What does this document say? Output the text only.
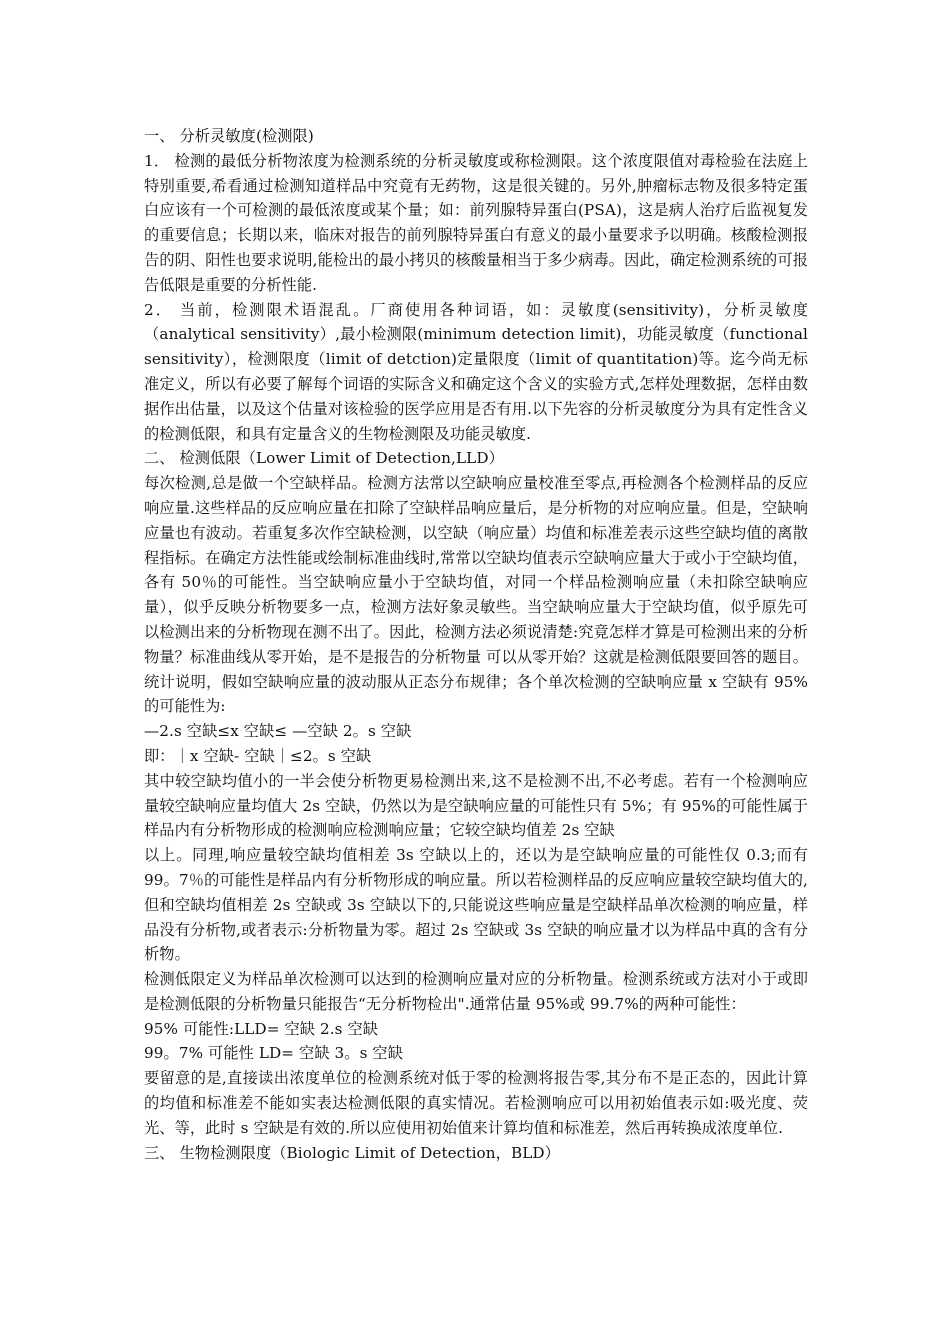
一、 分析灵敏度(检测限)

1． 检测的最低分析物浓度为检测系统的分析灵敏度或称检测限。这个浓度限值对毒检验在法庭上特别重要,希看通过检测知道样品中究竟有无药物，这是很关键的。另外,肿瘤标志物及很多特定蛋白应该有一个可检测的最低浓度或某个量；如：前列腺特异蛋白(PSA)，这是病人治疗后监视复发的重要信息；长期以来，临床对报告的前列腺特异蛋白有意义的最小量要求予以明确。核酸检测报告的阴、阳性也要求说明,能检出的最小拷贝的核酸量相当于多少病毒。因此，确定检测系统的可报告低限是重要的分析性能.

2． 当前，检测限术语混乱。厂商使用各种词语，如：灵敏度(sensitivity)，分析灵敏度（analytical sensitivity）,最小检测限(minimum detection limit)，功能灵敏度（functional sensitivity），检测限度（limit of detction)定量限度（limit of quantitation)等。迄今尚无标准定义，所以有必要了解每个词语的实际含义和确定这个含义的实验方式,怎样处理数据，怎样由数据作出估量，以及这个估量对该检验的医学应用是否有用.以下先容的分析灵敏度分为具有定性含义的检测低限，和具有定量含义的生物检测限及功能灵敏度.

二、 检测低限（Lower Limit of Detection,LLD）

每次检测,总是做一个空缺样品。检测方法常以空缺响应量校准至零点,再检测各个检测样品的反应响应量.这些样品的反应响应量在扣除了空缺样品响应量后，是分析物的对应响应量。但是，空缺响应量也有波动。若重复多次作空缺检测，以空缺（响应量）均值和标准差表示这些空缺均值的离散程指标。在确定方法性能或绘制标准曲线时,常常以空缺均值表示空缺响应量大于或小于空缺均值，各有 50％的可能性。当空缺响应量小于空缺均值，对同一个样品检测响应量（未扣除空缺响应量），似乎反映分析物要多一点，检测方法好象灵敏些。当空缺响应量大于空缺均值，似乎原先可以检测出来的分析物现在测不出了。因此，检测方法必须说清楚:究竟怎样才算是可检测出来的分析物量？标准曲线从零开始，是不是报告的分析物量 可以从零开始？这就是检测低限要回答的题目。统计说明，假如空缺响应量的波动服从正态分布规律；各个单次检测的空缺响应量 x 空缺有 95%的可能性为:

—2.s 空缺≤x 空缺≤ —空缺 2。s 空缺

即：｜x 空缺- 空缺｜≤2。s 空缺

其中较空缺均值小的一半会使分析物更易检测出来,这不是检测不出,不必考虑。若有一个检测响应量较空缺响应量均值大 2s 空缺，仍然以为是空缺响应量的可能性只有 5%；有 95%的可能性属于样品内有分析物形成的检测响应检测响应量；它较空缺均值差 2s 空缺

以上。同理,响应量较空缺均值相差 3s 空缺以上的，还以为是空缺响应量的可能性仅 0.3;而有 99。7％的可能性是样品内有分析物形成的响应量。所以若检测样品的反应响应量较空缺均值大的,但和空缺均值相差 2s 空缺或 3s 空缺以下的,只能说这些响应量是空缺样品单次检测的响应量，样品没有分析物,或者表示:分析物量为零。超过 2s 空缺或 3s 空缺的响应量才以为样品中真的含有分析物。

检测低限定义为样品单次检测可以达到的检测响应量对应的分析物量。检测系统或方法对小于或即是检测低限的分析物量只能报告“无分析物检出".通常估量 95%或 99.7%的两种可能性：

95% 可能性:LLD= 空缺 2.s 空缺

99。7% 可能性 LD= 空缺 3。s 空缺

要留意的是,直接读出浓度单位的检测系统对低于零的检测将报告零,其分布不是正态的，因此计算的均值和标准差不能如实表达检测低限的真实情况。若检测响应可以用初始值表示如:吸光度、荧光、等，此时 s 空缺是有效的.所以应使用初始值来计算均值和标准差，然后再转换成浓度单位.

三、 生物检测限度（Biologic Limit of Detection，BLD）
